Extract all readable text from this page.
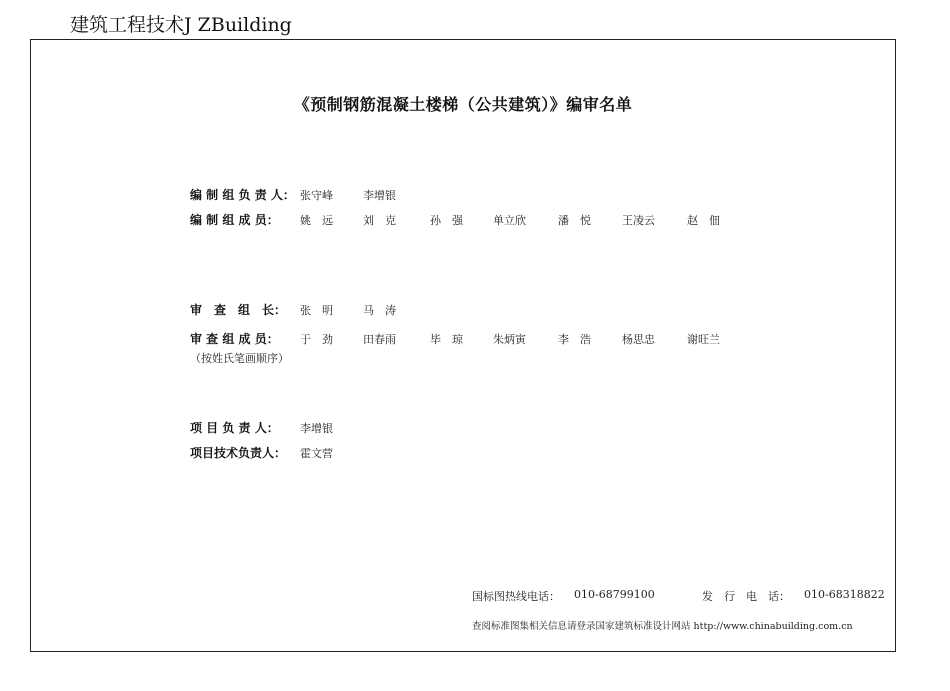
建筑工程技术J ZBuilding
《预制钢筋混凝土楼梯（公共建筑）》编审名单
编 制 组 负 责 人： 张守峰	李增银
编 制 组 成 员： 姚　远	刘　克	孙　强	单立欣	潘　悦	王凌云	赵　佃
审　查　组　长： 张　明	马　涛
审 查 组 成 员： 于　劲	田春雨	毕　琼	朱炳寅	李　浩	杨思忠	谢旺兰
（按姓氏笔画顺序）
项 目 负 责 人： 李增银
项目技术负责人： 霍文营
国标图热线电话： 010-68799100	发　行　电　话： 010-68318822
查阅标准图集相关信息请登录国家建筑标准设计网站 http://www.chinabuilding.com.cn
